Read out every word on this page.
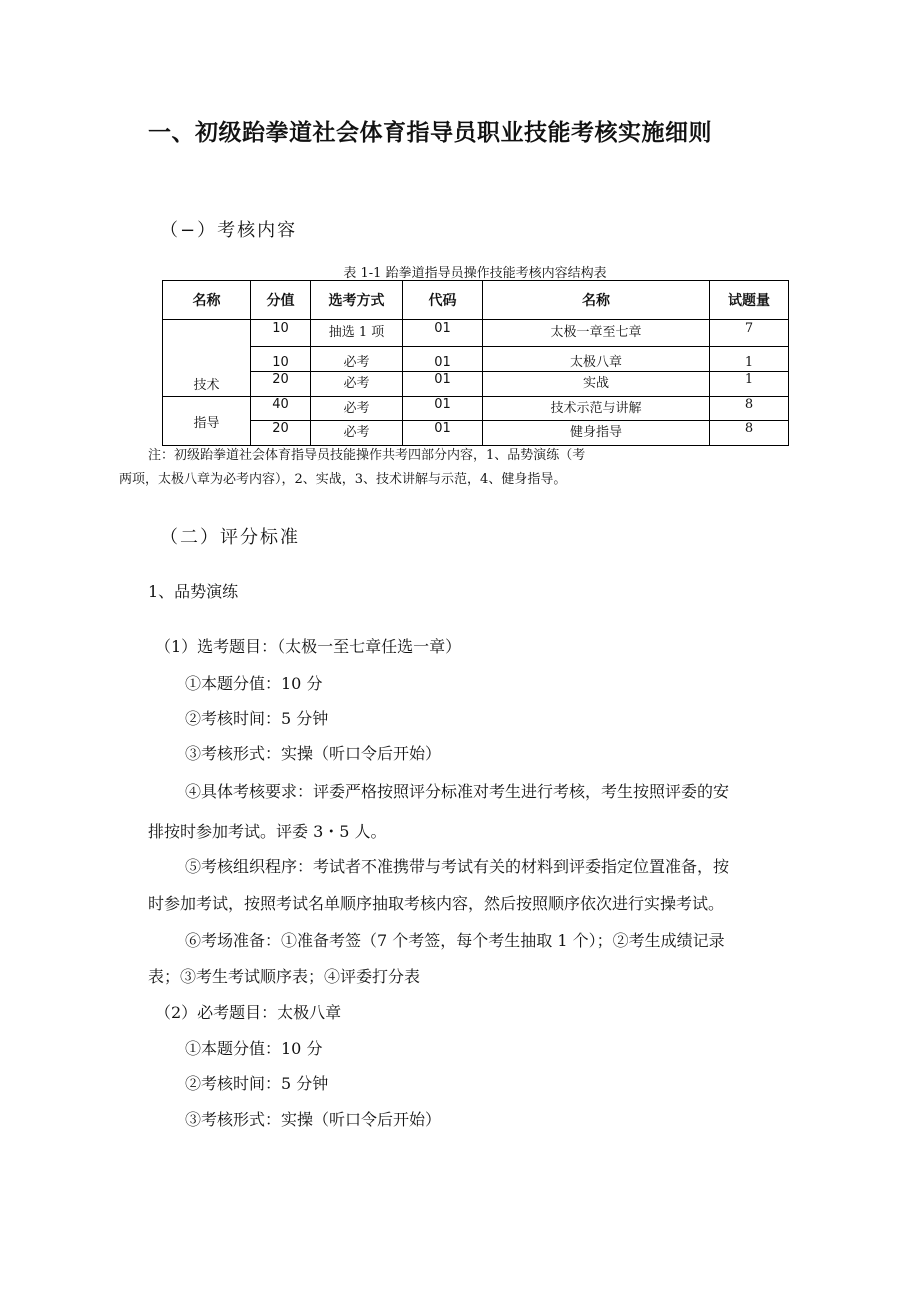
一、初级跆拳道社会体育指导员职业技能考核实施细则
（−）考核内容
表 1-1 跆拳道指导员操作技能考核内容结构表
名称	分值	选考方式	代码	名称	试题量
技术	10	抽选 1 项	01	太极一章至七章	7
	10	必考	01	太极八章	1
	20	必考	01	实战	1
指导	40	必考	01	技术示范与讲解	8
	20	必考	01	健身指导	8
注：初级跆拳道社会体育指导员技能操作共考四部分内容，1、品势演练（考
两项，太极八章为必考内容），2、实战，3、技术讲解与示范，4、健身指导。
（二）评分标准
1、品势演练
（1）选考题目：（太极一至七章任选一章）
①本题分值：10 分
②考核时间：5 分钟
③考核形式：实操（听口令后开始）
④具体考核要求：评委严格按照评分标准对考生进行考核，考生按照评委的安
排按时参加考试。评委 3・5 人。
⑤考核组织程序：考试者不准携带与考试有关的材料到评委指定位置准备，按
时参加考试，按照考试名单顺序抽取考核内容，然后按照顺序依次进行实操考试。
⑥考场准备：①准备考签（7 个考签，每个考生抽取 1 个）；②考生成绩记录
表；③考生考试顺序表；④评委打分表
（2）必考题目：太极八章
①本题分值：10 分
②考核时间：5 分钟
③考核形式：实操（听口令后开始）
